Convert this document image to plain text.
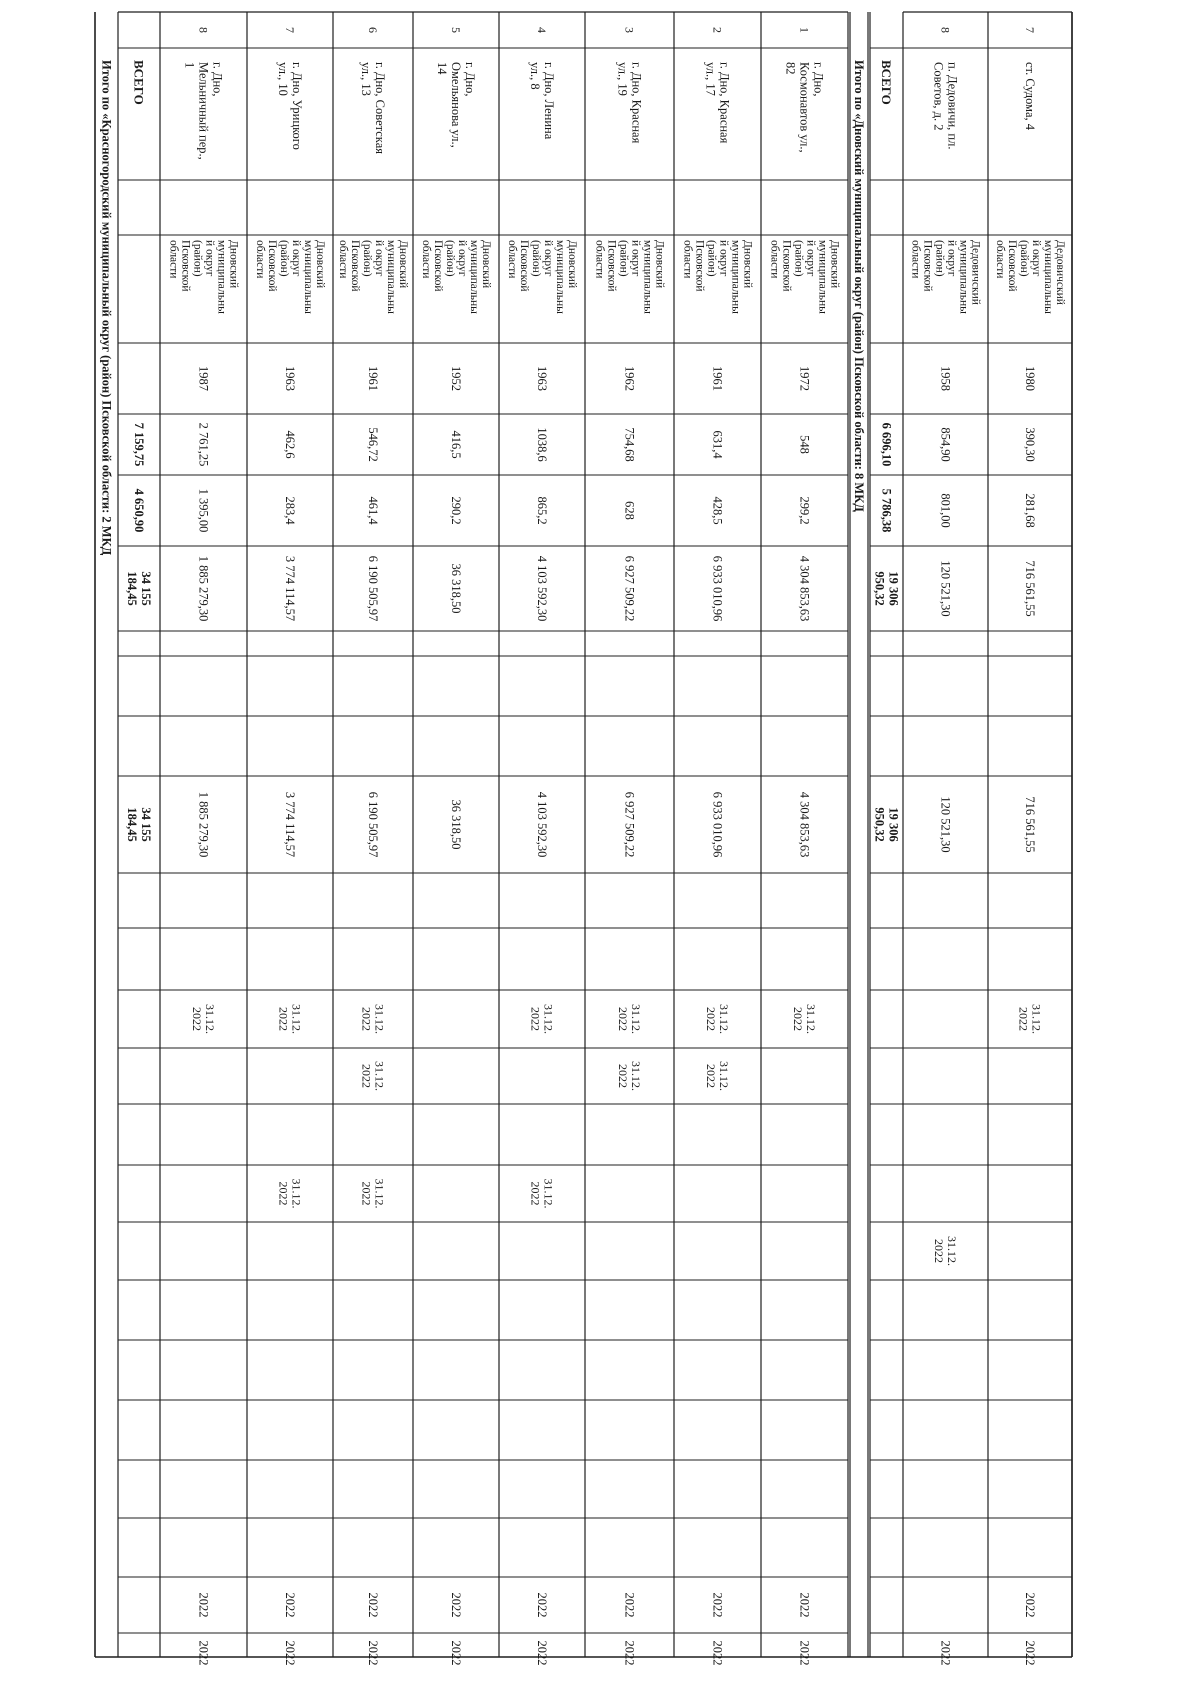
Итого по «Красногородский муниципальный округ (район) Псковской области: 2 МКД ВСЕГО
7 159,75
4 650,90
34 155
184,45
34 155
184,45
8
г. Дно,
Мельничный пер.,
1
Дновский
муниципальны
й округ
(район)
Псковской
области
1987
2 761,25
1 395,00
1 885 279,30
1 885 279,30
31.12.
2022
2022
2022
7
г. Дно, Урицкого
ул., 10
Дновский
муниципальны
й округ
(район)
Псковской
области
1963
462,6
283,4
3 774 114,57
3 774 114,57
31.12.
2022
31.12.
2022
2022
2022
6
г. Дно, Советская
ул., 13
Дновский
муниципальны
й округ
(район)
Псковской
области
1961
546,72
461,4
6 190 505,97
6 190 505,97
31.12.
2022
31.12.
2022
31.12.
2022
2022
2022
5
г. Дно,
Омельянова ул.,
14
Дновский
муниципальны
й округ
(район)
Псковской
области
1952
416,5
290,2
36 318,50
36 318,50
2022
2022
4
г. Дно, Ленина
ул., 8
Дновский
муниципальны
й округ
(район)
Псковской
области
1963
1038,6
865,2
4 103 592,30
4 103 592,30
31.12.
2022
31.12.
2022
2022
2022
3
г. Дно, Красная
ул., 19
Дновский
муниципальны
й округ
(район)
Псковской
области
1962
754,68
628
6 927 509,22
6 927 509,22
31.12.
2022
31.12.
2022
2022
2022
2
г. Дно, Красная
ул., 17
Дновский
муниципальны
й округ
(район)
Псковской
области
1961
631,4
428,5
6 933 010,96
6 933 010,96
31.12.
2022
31.12.
2022
2022
2022
1
г. Дно,
Космонавтов ул.,
82
Дновский
муниципальны
й округ
(район)
Псковской
области
1972
548
299,2
4 304 853,63
4 304 853,63
31.12.
2022
2022
2022
Итого по «Дновский муниципальный округ (район) Псковской области: 8 МКД ВСЕГО
6 696,10
5 786,38
19 306
950,32
19 306
950,32
8
п. Дедовичи, пл.
Советов, д. 2
Дедовичский
муниципальны
й округ
(район)
Псковской
области
1958
854,90
801,00
120 521,30
120 521,30
31.12.
2022
2022
7
ст. Судома, 4
Дедовичский
муниципальны
й округ
(район)
Псковской
области
1980
390,30
281,68
716 561,55
716 561,55
31.12.
2022
2022
2022
